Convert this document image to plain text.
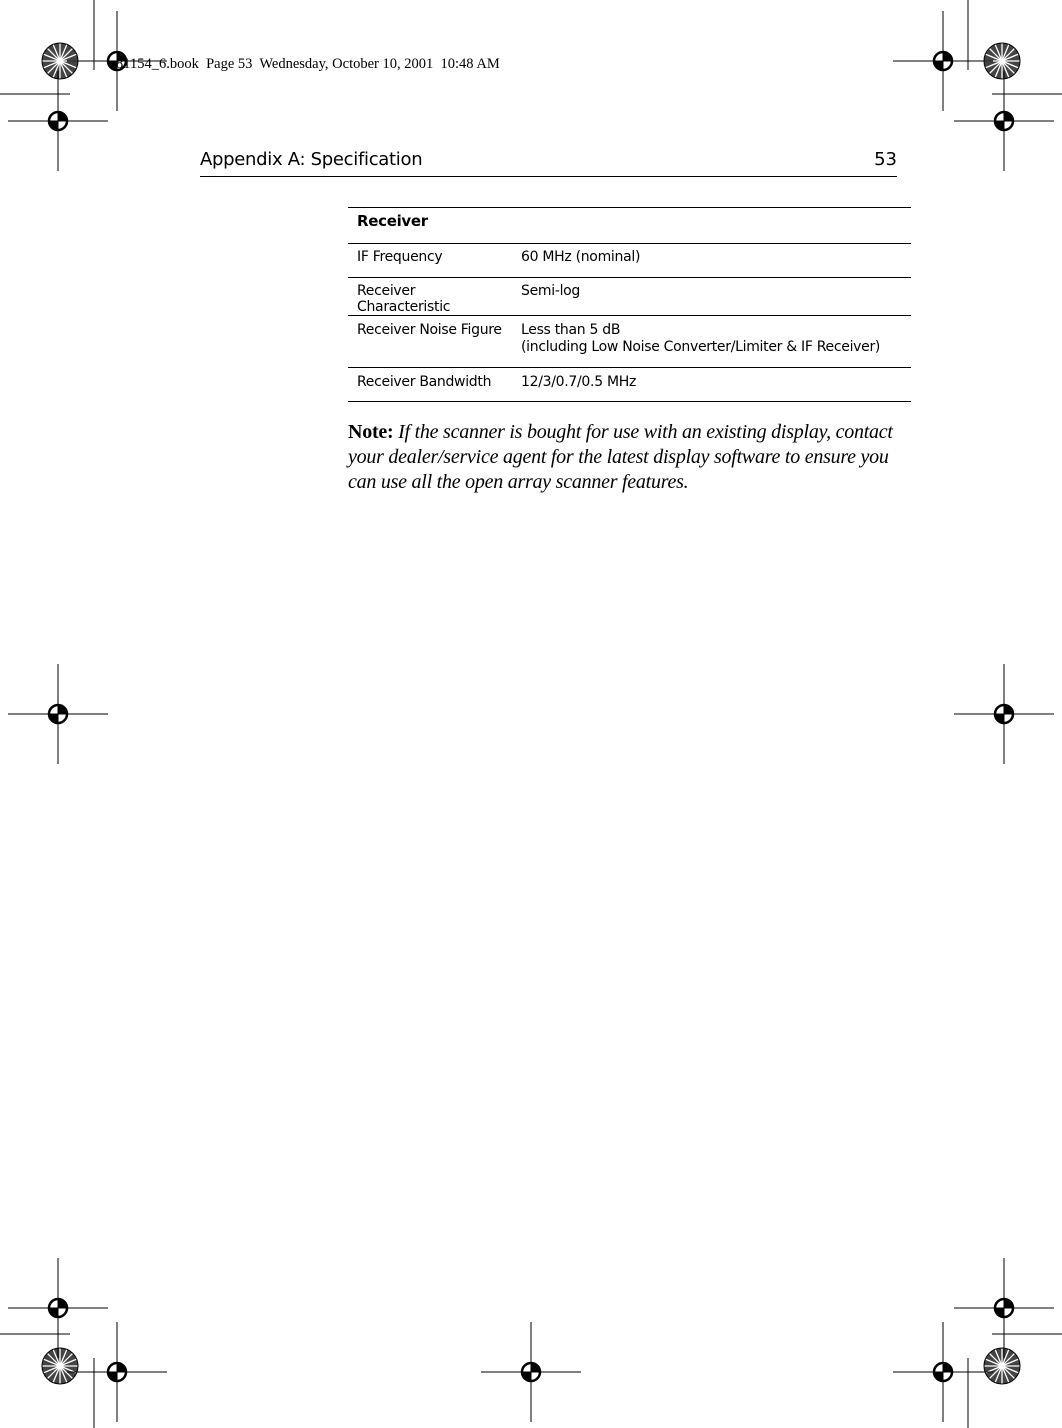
81154_6.book  Page 53  Wednesday, October 10, 2001  10:48 AM
Appendix A: Specification	53
Receiver	
IF Frequency	60 MHz (nominal)
Receiver Characteristic	Semi-log
Receiver Noise Figure	Less than 5 dB
(including Low Noise Converter/Limiter & IF Receiver)

Receiver Bandwidth	12/3/0.7/0.5 MHz
Note: If the scanner is bought for use with an existing display, contact your dealer/service agent for the latest display software to ensure you can use all the open array scanner features.
